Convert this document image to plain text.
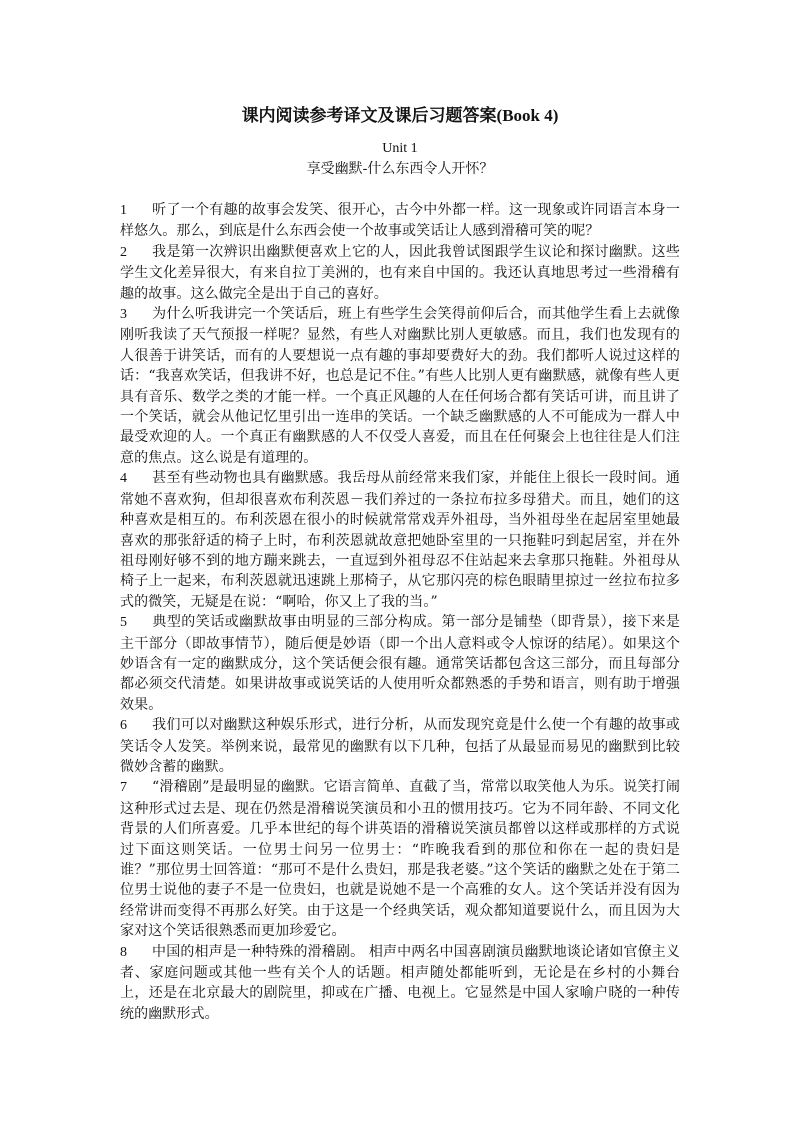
课内阅读参考译文及课后习题答案(Book 4)
Unit 1
享受幽默-什么东西令人开怀？

1 听了一个有趣的故事会发笑、很开心，古今中外都一样。这一现象或许同语言本身一样悠久。那么，到底是什么东西会使一个故事或笑话让人感到滑稽可笑的呢？

2 我是第一次辨识出幽默便喜欢上它的人，因此我曾试图跟学生议论和探讨幽默。这些学生文化差异很大，有来自拉丁美洲的，也有来自中国的。我还认真地思考过一些滑稽有趣的故事。这么做完全是出于自己的喜好。

3 为什么听我讲完一个笑话后，班上有些学生会笑得前仰后合，而其他学生看上去就像刚听我读了天气预报一样呢？显然，有些人对幽默比别人更敏感。而且，我们也发现有的人很善于讲笑话，而有的人要想说一点有趣的事却要费好大的劲。我们都听人说过这样的话：“我喜欢笑话，但我讲不好，也总是记不住。”有些人比别人更有幽默感，就像有些人更具有音乐、数学之类的才能一样。一个真正风趣的人在任何场合都有笑话可讲，而且讲了一个笑话，就会从他记忆里引出一连串的笑话。一个缺乏幽默感的人不可能成为一群人中最受欢迎的人。一个真正有幽默感的人不仅受人喜爱，而且在任何聚会上也往往是人们注意的焦点。这么说是有道理的。

4 甚至有些动物也具有幽默感。我岳母从前经常来我们家，并能住上很长一段时间。通常她不喜欢狗，但却很喜欢布利茨恩－我们养过的一条拉布拉多母猎犬。而且，她们的这种喜欢是相互的。布利茨恩在很小的时候就常常戏弄外祖母，当外祖母坐在起居室里她最喜欢的那张舒适的椅子上时，布利茨恩就故意把她卧室里的一只拖鞋叼到起居室，并在外祖母刚好够不到的地方蹦来跳去，一直逗到外祖母忍不住站起来去拿那只拖鞋。外祖母从椅子上一起来，布利茨恩就迅速跳上那椅子，从它那闪亮的棕色眼睛里掠过一丝拉布拉多式的微笑，无疑是在说：“啊哈，你又上了我的当。”

5 典型的笑话或幽默故事由明显的三部分构成。第一部分是铺垫（即背景），接下来是主干部分（即故事情节），随后便是妙语（即一个出人意料或令人惊讶的结尾）。如果这个妙语含有一定的幽默成分，这个笑话便会很有趣。通常笑话都包含这三部分，而且每部分都必须交代清楚。如果讲故事或说笑话的人使用听众都熟悉的手势和语言，则有助于增强效果。

6 我们可以对幽默这种娱乐形式，进行分析，从而发现究竟是什么使一个有趣的故事或笑话令人发笑。举例来说，最常见的幽默有以下几种，包括了从最显而易见的幽默到比较微妙含蓄的幽默。

7 “滑稽剧”是最明显的幽默。它语言简单、直截了当，常常以取笑他人为乐。说笑打闹这种形式过去是、现在仍然是滑稽说笑演员和小丑的惯用技巧。它为不同年龄、不同文化背景的人们所喜爱。几乎本世纪的每个讲英语的滑稽说笑演员都曾以这样或那样的方式说过下面这则笑话。一位男士问另一位男士：“昨晚我看到的那位和你在一起的贵妇是谁？”那位男士回答道：“那可不是什么贵妇，那是我老婆。”这个笑话的幽默之处在于第二位男士说他的妻子不是一位贵妇，也就是说她不是一个高雅的女人。这个笑话并没有因为经常讲而变得不再那么好笑。由于这是一个经典笑话，观众都知道要说什么，而且因为大家对这个笑话很熟悉而更加珍爱它。

8 中国的相声是一种特殊的滑稽剧。 相声中两名中国喜剧演员幽默地谈论诸如官僚主义者、家庭问题或其他一些有关个人的话题。相声随处都能听到，无论是在乡村的小舞台上，还是在北京最大的剧院里，抑或在广播、电视上。它显然是中国人家喻户晓的一种传统的幽默形式。
